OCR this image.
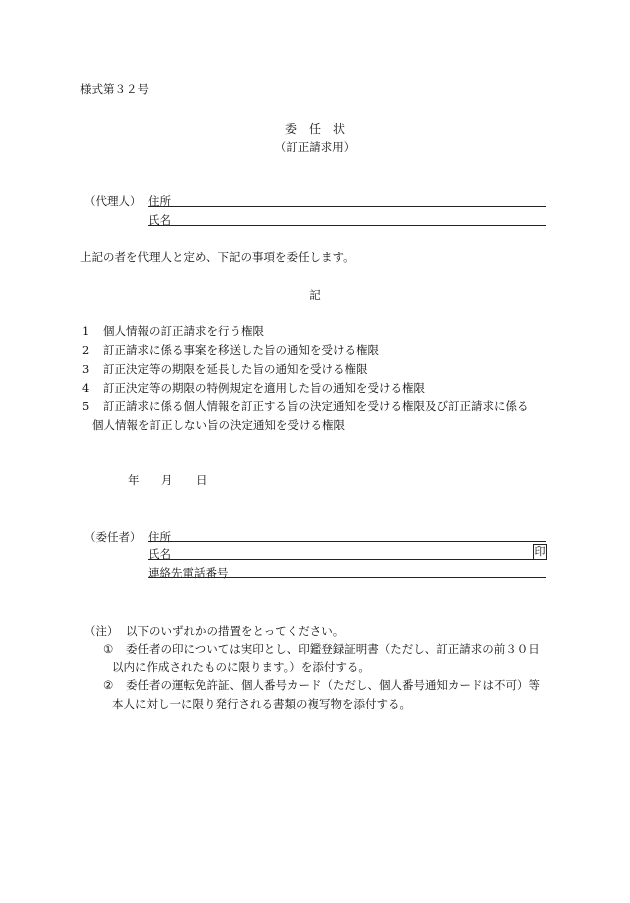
様式第３２号
委　任　状
（訂正請求用）
（代理人） 住所
氏名
上記の者を代理人と定め、下記の事項を委任します。
記
1 個人情報の訂正請求を行う権限
2 訂正請求に係る事案を移送した旨の通知を受ける権限
3 訂正決定等の期限を延長した旨の通知を受ける権限
4 訂正決定等の期限の特例規定を適用した旨の通知を受ける権限
5 訂正請求に係る個人情報を訂正する旨の決定通知を受ける権限及び訂正請求に係る
個人情報を訂正しない旨の決定通知を受ける権限
年 月 日
（委任者） 住所
氏名	印
連絡先電話番号
（注） 以下のいずれかの措置をとってください。
① 委任者の印については実印とし、印鑑登録証明書（ただし、訂正請求の前３０日
以内に作成されたものに限ります。）を添付する。
② 委任者の運転免許証、個人番号カード（ただし、個人番号通知カードは不可）等
本人に対し一に限り発行される書類の複写物を添付する。
